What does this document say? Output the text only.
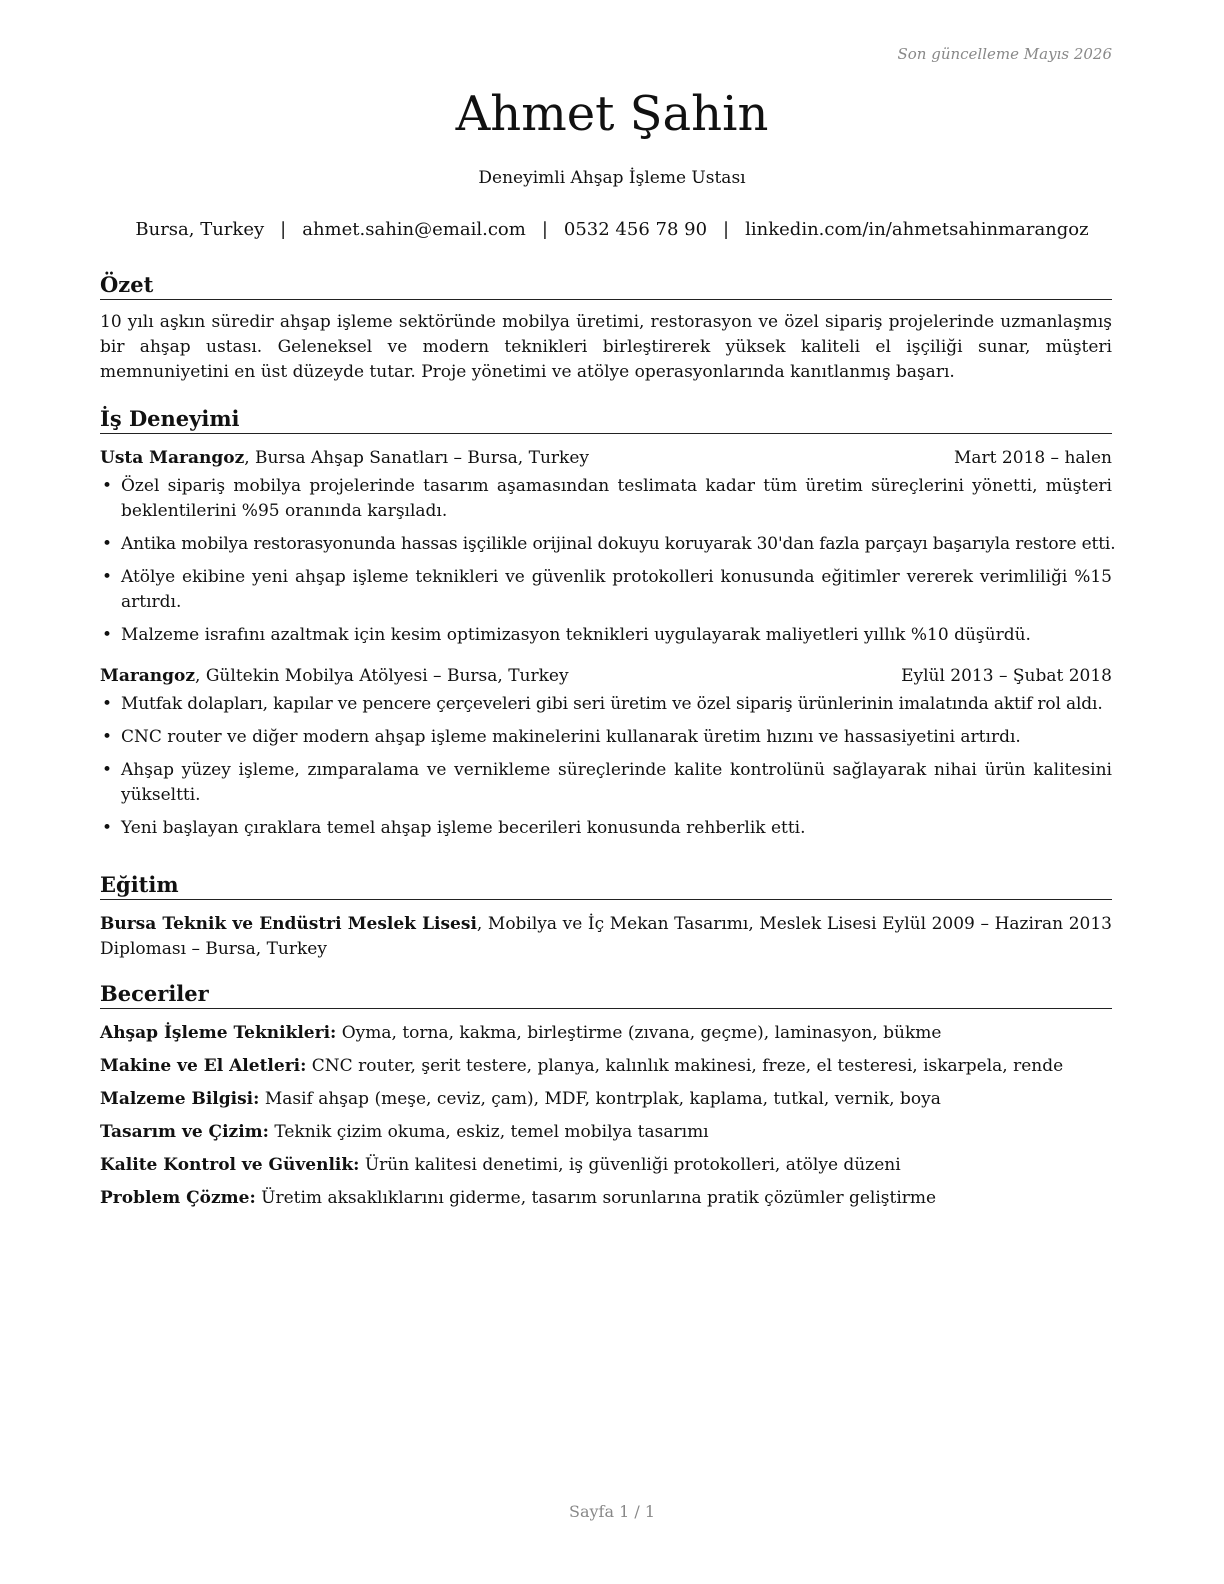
Son güncelleme Mayıs 2026
Ahmet Şahin
Deneyimli Ahşap İşleme Ustası
Bursa, Turkey | ahmet.sahin@email.com | 0532 456 78 90 | linkedin.com/in/ahmetsahinmarangoz
Özet

10 yılı aşkın süredir ahşap işleme sektöründe mobilya üretimi, restorasyon ve özel sipariş projelerinde uzmanlaşmış bir ahşap ustası. Geleneksel ve modern teknikleri birleştirerek yüksek kaliteli el işçiliği sunar, müşteri memnuniyetini en üst düzeyde tutar. Proje yönetimi ve atölye operasyonlarında kanıtlanmış başarı.

İş Deneyimi
Usta Marangoz, Bursa Ahşap Sanatları – Bursa, Turkey	Mart 2018 – halen
• Özel sipariş mobilya projelerinde tasarım aşamasından teslimata kadar tüm üretim süreçlerini yönetti, müşteri beklentilerini %95 oranında karşıladı.
• Antika mobilya restorasyonunda hassas işçilikle orijinal dokuyu koruyarak 30'dan fazla parçayı başarıyla restore etti.
• Atölye ekibine yeni ahşap işleme teknikleri ve güvenlik protokolleri konusunda eğitimler vererek verimliliği %15 artırdı.
• Malzeme israfını azaltmak için kesim optimizasyon teknikleri uygulayarak maliyetleri yıllık %10 düşürdü.
Marangoz, Gültekin Mobilya Atölyesi – Bursa, Turkey	Eylül 2013 – Şubat 2018
• Mutfak dolapları, kapılar ve pencere çerçeveleri gibi seri üretim ve özel sipariş ürünlerinin imalatında aktif rol aldı.
• CNC router ve diğer modern ahşap işleme makinelerini kullanarak üretim hızını ve hassasiyetini artırdı.
• Ahşap yüzey işleme, zımparalama ve vernikleme süreçlerinde kalite kontrolünü sağlayarak nihai ürün kalitesini yükseltti.
• Yeni başlayan çıraklara temel ahşap işleme becerileri konusunda rehberlik etti.
Eğitim

Bursa Teknik ve Endüstri Meslek Lisesi, Mobilya ve İç Mekan Tasarımı, Meslek Lisesi Eylül 2009 – Haziran 2013 Diploması – Bursa, Turkey

Beceriler
Ahşap İşleme Teknikleri: Oyma, torna, kakma, birleştirme (zıvana, geçme), laminasyon, bükme
Makine ve El Aletleri: CNC router, şerit testere, planya, kalınlık makinesi, freze, el testeresi, iskarpela, rende
Malzeme Bilgisi: Masif ahşap (meşe, ceviz, çam), MDF, kontrplak, kaplama, tutkal, vernik, boya
Tasarım ve Çizim: Teknik çizim okuma, eskiz, temel mobilya tasarımı
Kalite Kontrol ve Güvenlik: Ürün kalitesi denetimi, iş güvenliği protokolleri, atölye düzeni
Problem Çözme: Üretim aksaklıklarını giderme, tasarım sorunlarına pratik çözümler geliştirme
Sayfa 1 / 1
